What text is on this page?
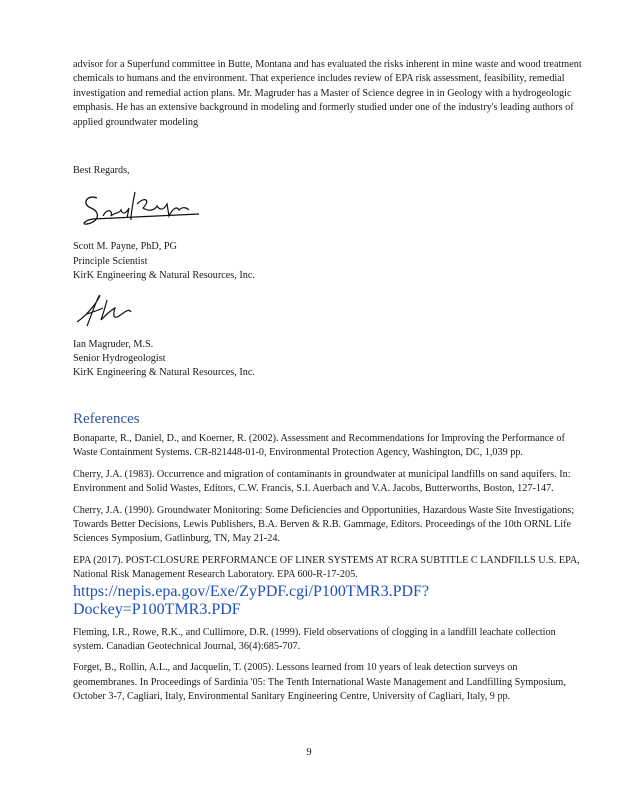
advisor for a Superfund committee in Butte, Montana and has evaluated the risks inherent in mine waste and wood treatment chemicals to humans and the environment. That experience includes review of EPA risk assessment, feasibility, remedial investigation and remedial action plans. Mr. Magruder has a Master of Science degree in in Geology with a hydrogeologic emphasis. He has an extensive background in modeling and formerly studied under one of the industry's leading authors of applied groundwater modeling

Best Regards,

Scott M. Payne, PhD, PG
Principle Scientist
KirK Engineering & Natural Resources, Inc.
Ian Magruder, M.S.
Senior Hydrogeologist
KirK Engineering & Natural Resources, Inc.
References

Bonaparte, R., Daniel, D., and Koerner, R. (2002). Assessment and Recommendations for Improving the Performance of Waste Containment Systems. CR-821448-01-0, Environmental Protection Agency, Washington, DC, 1,039 pp.

Cherry, J.A. (1983). Occurrence and migration of contaminants in groundwater at municipal landfills on sand aquifers. In: Environment and Solid Wastes, Editors, C.W. Francis, S.I. Auerbach and V.A. Jacobs, Butterworths, Boston, 127-147.

Cherry, J.A. (1990). Groundwater Monitoring: Some Deficiencies and Opportunities, Hazardous Waste Site Investigations; Towards Better Decisions, Lewis Publishers, B.A. Berven & R.B. Gammage, Editors. Proceedings of the 10th ORNL Life Sciences Symposium, Gatlinburg, TN, May 21-24.

EPA (2017). POST-CLOSURE PERFORMANCE OF LINER SYSTEMS AT RCRA SUBTITLE C LANDFILLS U.S. EPA, National Risk Management Research Laboratory. EPA 600-R-17-205.

https://nepis.epa.gov/Exe/ZyPDF.cgi/P100TMR3.PDF?Dockey=P100TMR3.PDF

Fleming, I.R., Rowe, R.K., and Cullimore, D.R. (1999). Field observations of clogging in a landfill leachate collection system. Canadian Geotechnical Journal, 36(4):685-707.

Forget, B., Rollin, A.L., and Jacquelin, T. (2005). Lessons learned from 10 years of leak detection surveys on geomembranes. In Proceedings of Sardinia '05: The Tenth International Waste Management and Landfilling Symposium, October 3-7, Cagliari, Italy, Environmental Sanitary Engineering Centre, University of Cagliari, Italy, 9 pp.

9
